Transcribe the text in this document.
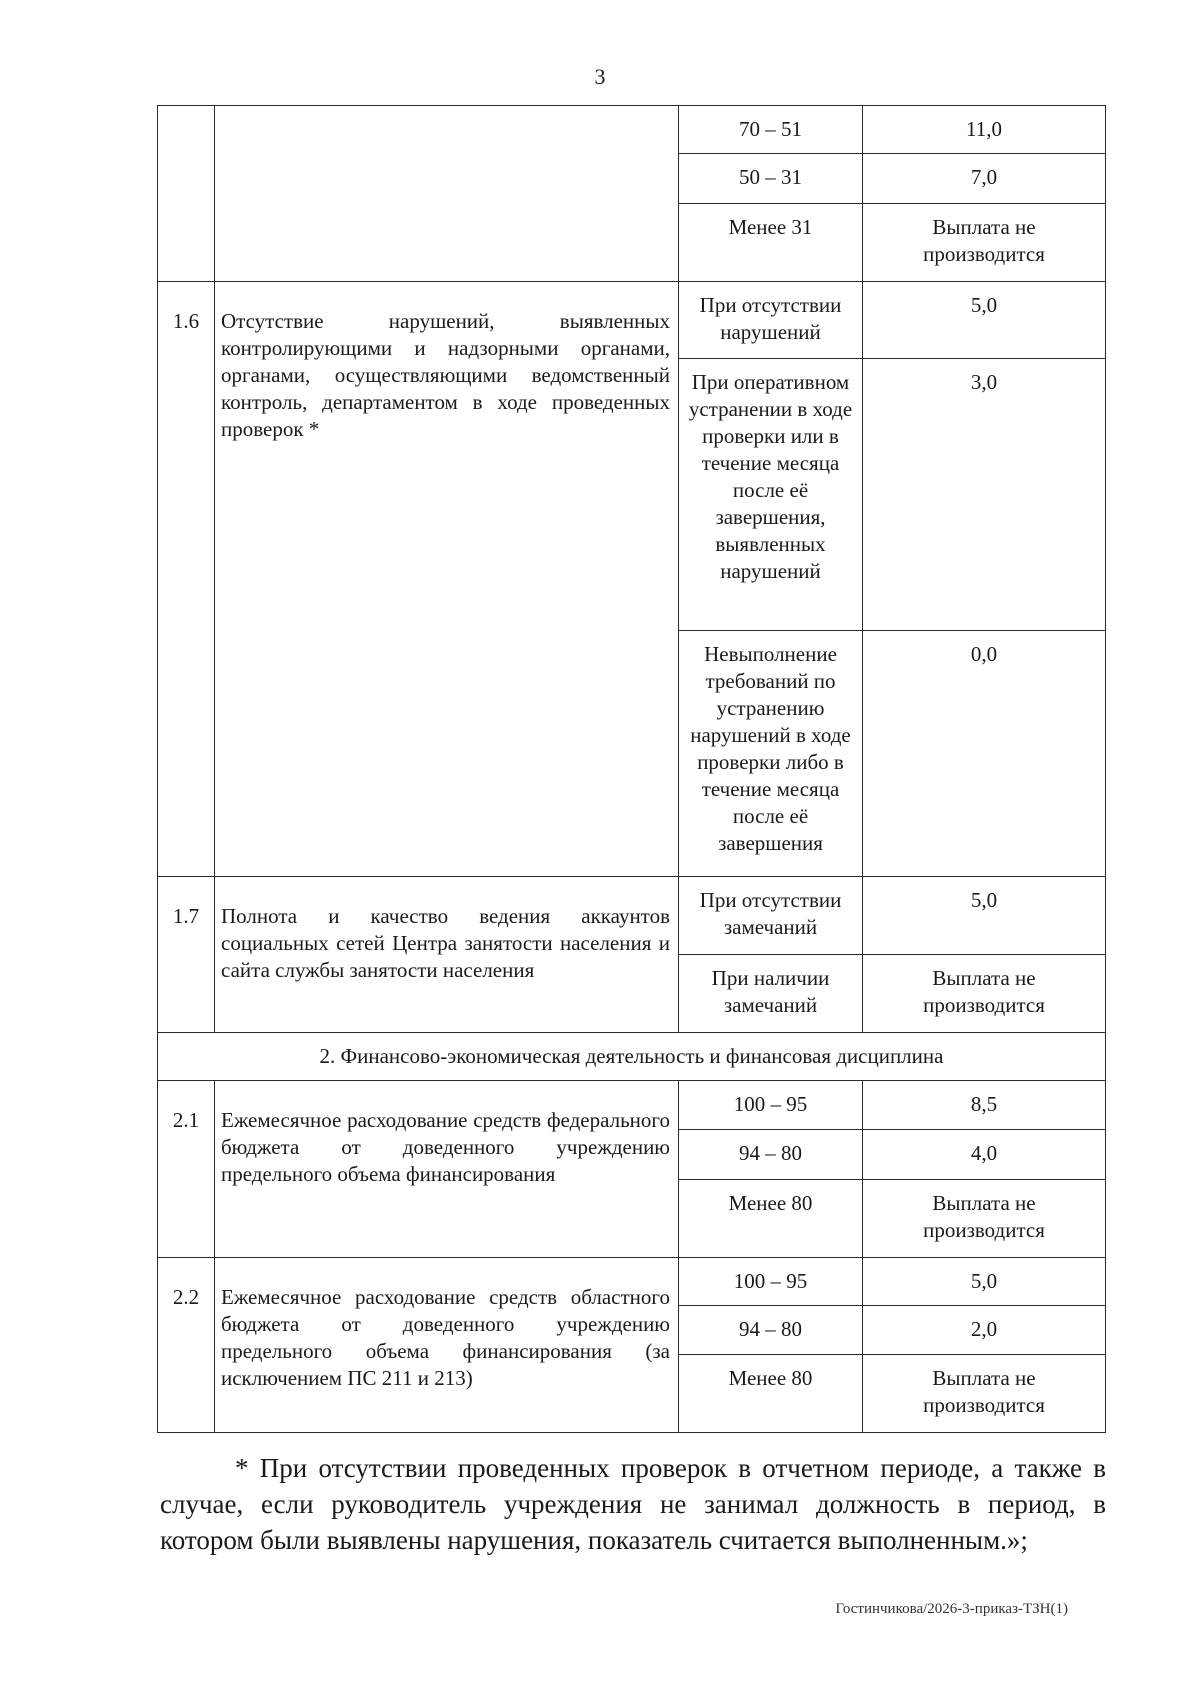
3
		70 – 51	11,0
		50 – 31	7,0
		Менее 31	Выплата не производится
1.6	Отсутствие нарушений, выявленных контролирующими и надзорными органами, органами, осуществляющими ведомственный контроль, департаментом в ходе проведенных проверок *	При отсутствии нарушений	5,0
		При оперативном устранении в ходе проверки или в течение месяца после её завершения, выявленных нарушений	3,0
		Невыполнение требований по устранению нарушений в ходе проверки либо в течение месяца после её завершения	0,0
1.7	Полнота и качество ведения аккаунтов социальных сетей Центра занятости населения и сайта службы занятости населения	При отсутствии замечаний	5,0
		При наличии замечаний	Выплата не производится
2. Финансово-экономическая деятельность и финансовая дисциплина			
2.1	Ежемесячное расходование средств федерального бюджета от доведенного учреждению предельного объема финансирования	100 – 95	8,5
		94 – 80	4,0
		Менее 80	Выплата не производится
2.2	Ежемесячное расходование средств областного бюджета от доведенного учреждению предельного объема финансирования (за исключением ПС 211 и 213)	100 – 95	5,0
		94 – 80	2,0
		Менее 80	Выплата не производится

* При отсутствии проведенных проверок в отчетном периоде, а также в случае, если руководитель учреждения не занимал должность в период, в котором были выявлены нарушения, показатель считается выполненным.»;

Гостинчикова/2026-3-приказ-ТЗН(1)
